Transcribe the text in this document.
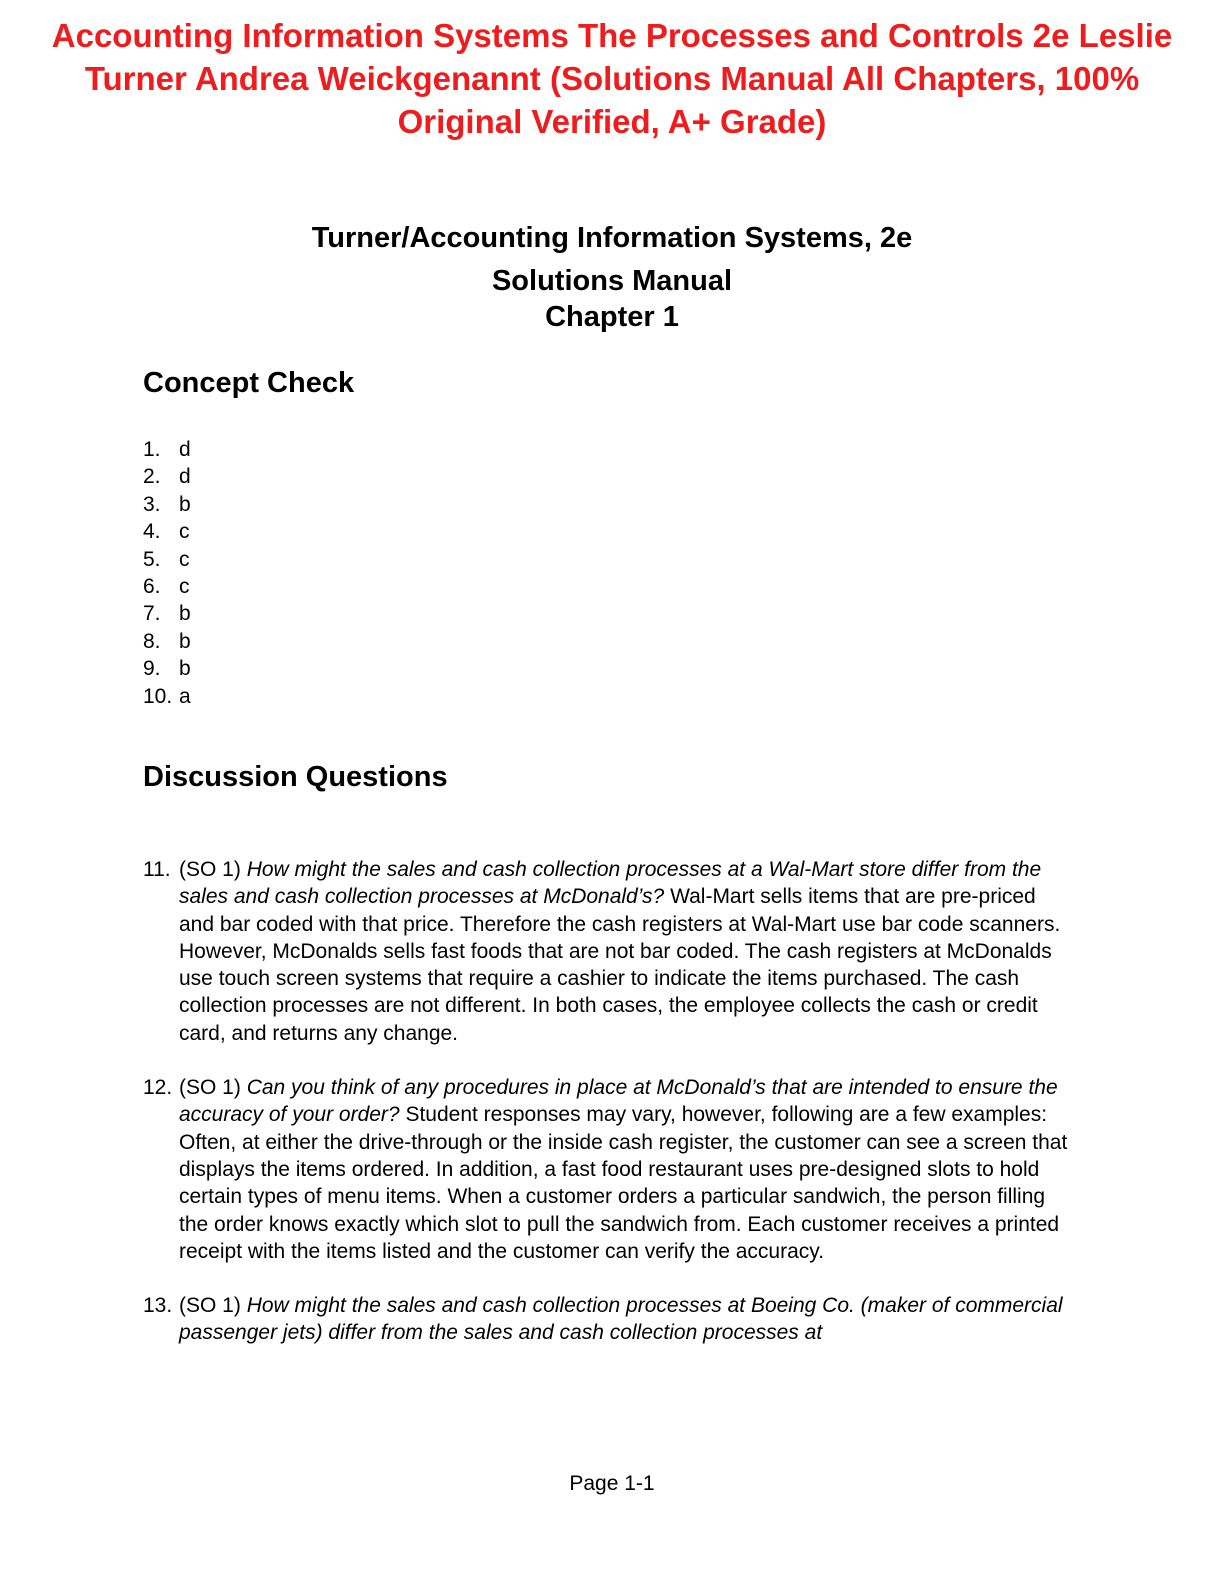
Accounting Information Systems The Processes and Controls 2e Leslie Turner Andrea Weickgenannt (Solutions Manual All Chapters, 100% Original Verified, A+ Grade)
Turner/Accounting Information Systems, 2e
Solutions Manual
Chapter 1
Concept Check
1. d
2. d
3. b
4. c
5. c
6. c
7. b
8. b
9. b
10. a
Discussion Questions
11. (SO 1) How might the sales and cash collection processes at a Wal-Mart store differ from the sales and cash collection processes at McDonald’s? Wal-Mart sells items that are pre-priced and bar coded with that price. Therefore the cash registers at Wal-Mart use bar code scanners. However, McDonalds sells fast foods that are not bar coded. The cash registers at McDonalds use touch screen systems that require a cashier to indicate the items purchased. The cash collection processes are not different. In both cases, the employee collects the cash or credit card, and returns any change.
12. (SO 1) Can you think of any procedures in place at McDonald’s that are intended to ensure the accuracy of your order? Student responses may vary, however, following are a few examples: Often, at either the drive-through or the inside cash register, the customer can see a screen that displays the items ordered. In addition, a fast food restaurant uses pre-designed slots to hold certain types of menu items. When a customer orders a particular sandwich, the person filling the order knows exactly which slot to pull the sandwich from. Each customer receives a printed receipt with the items listed and the customer can verify the accuracy.
13. (SO 1) How might the sales and cash collection processes at Boeing Co. (maker of commercial passenger jets) differ from the sales and cash collection processes at
Page 1-1
